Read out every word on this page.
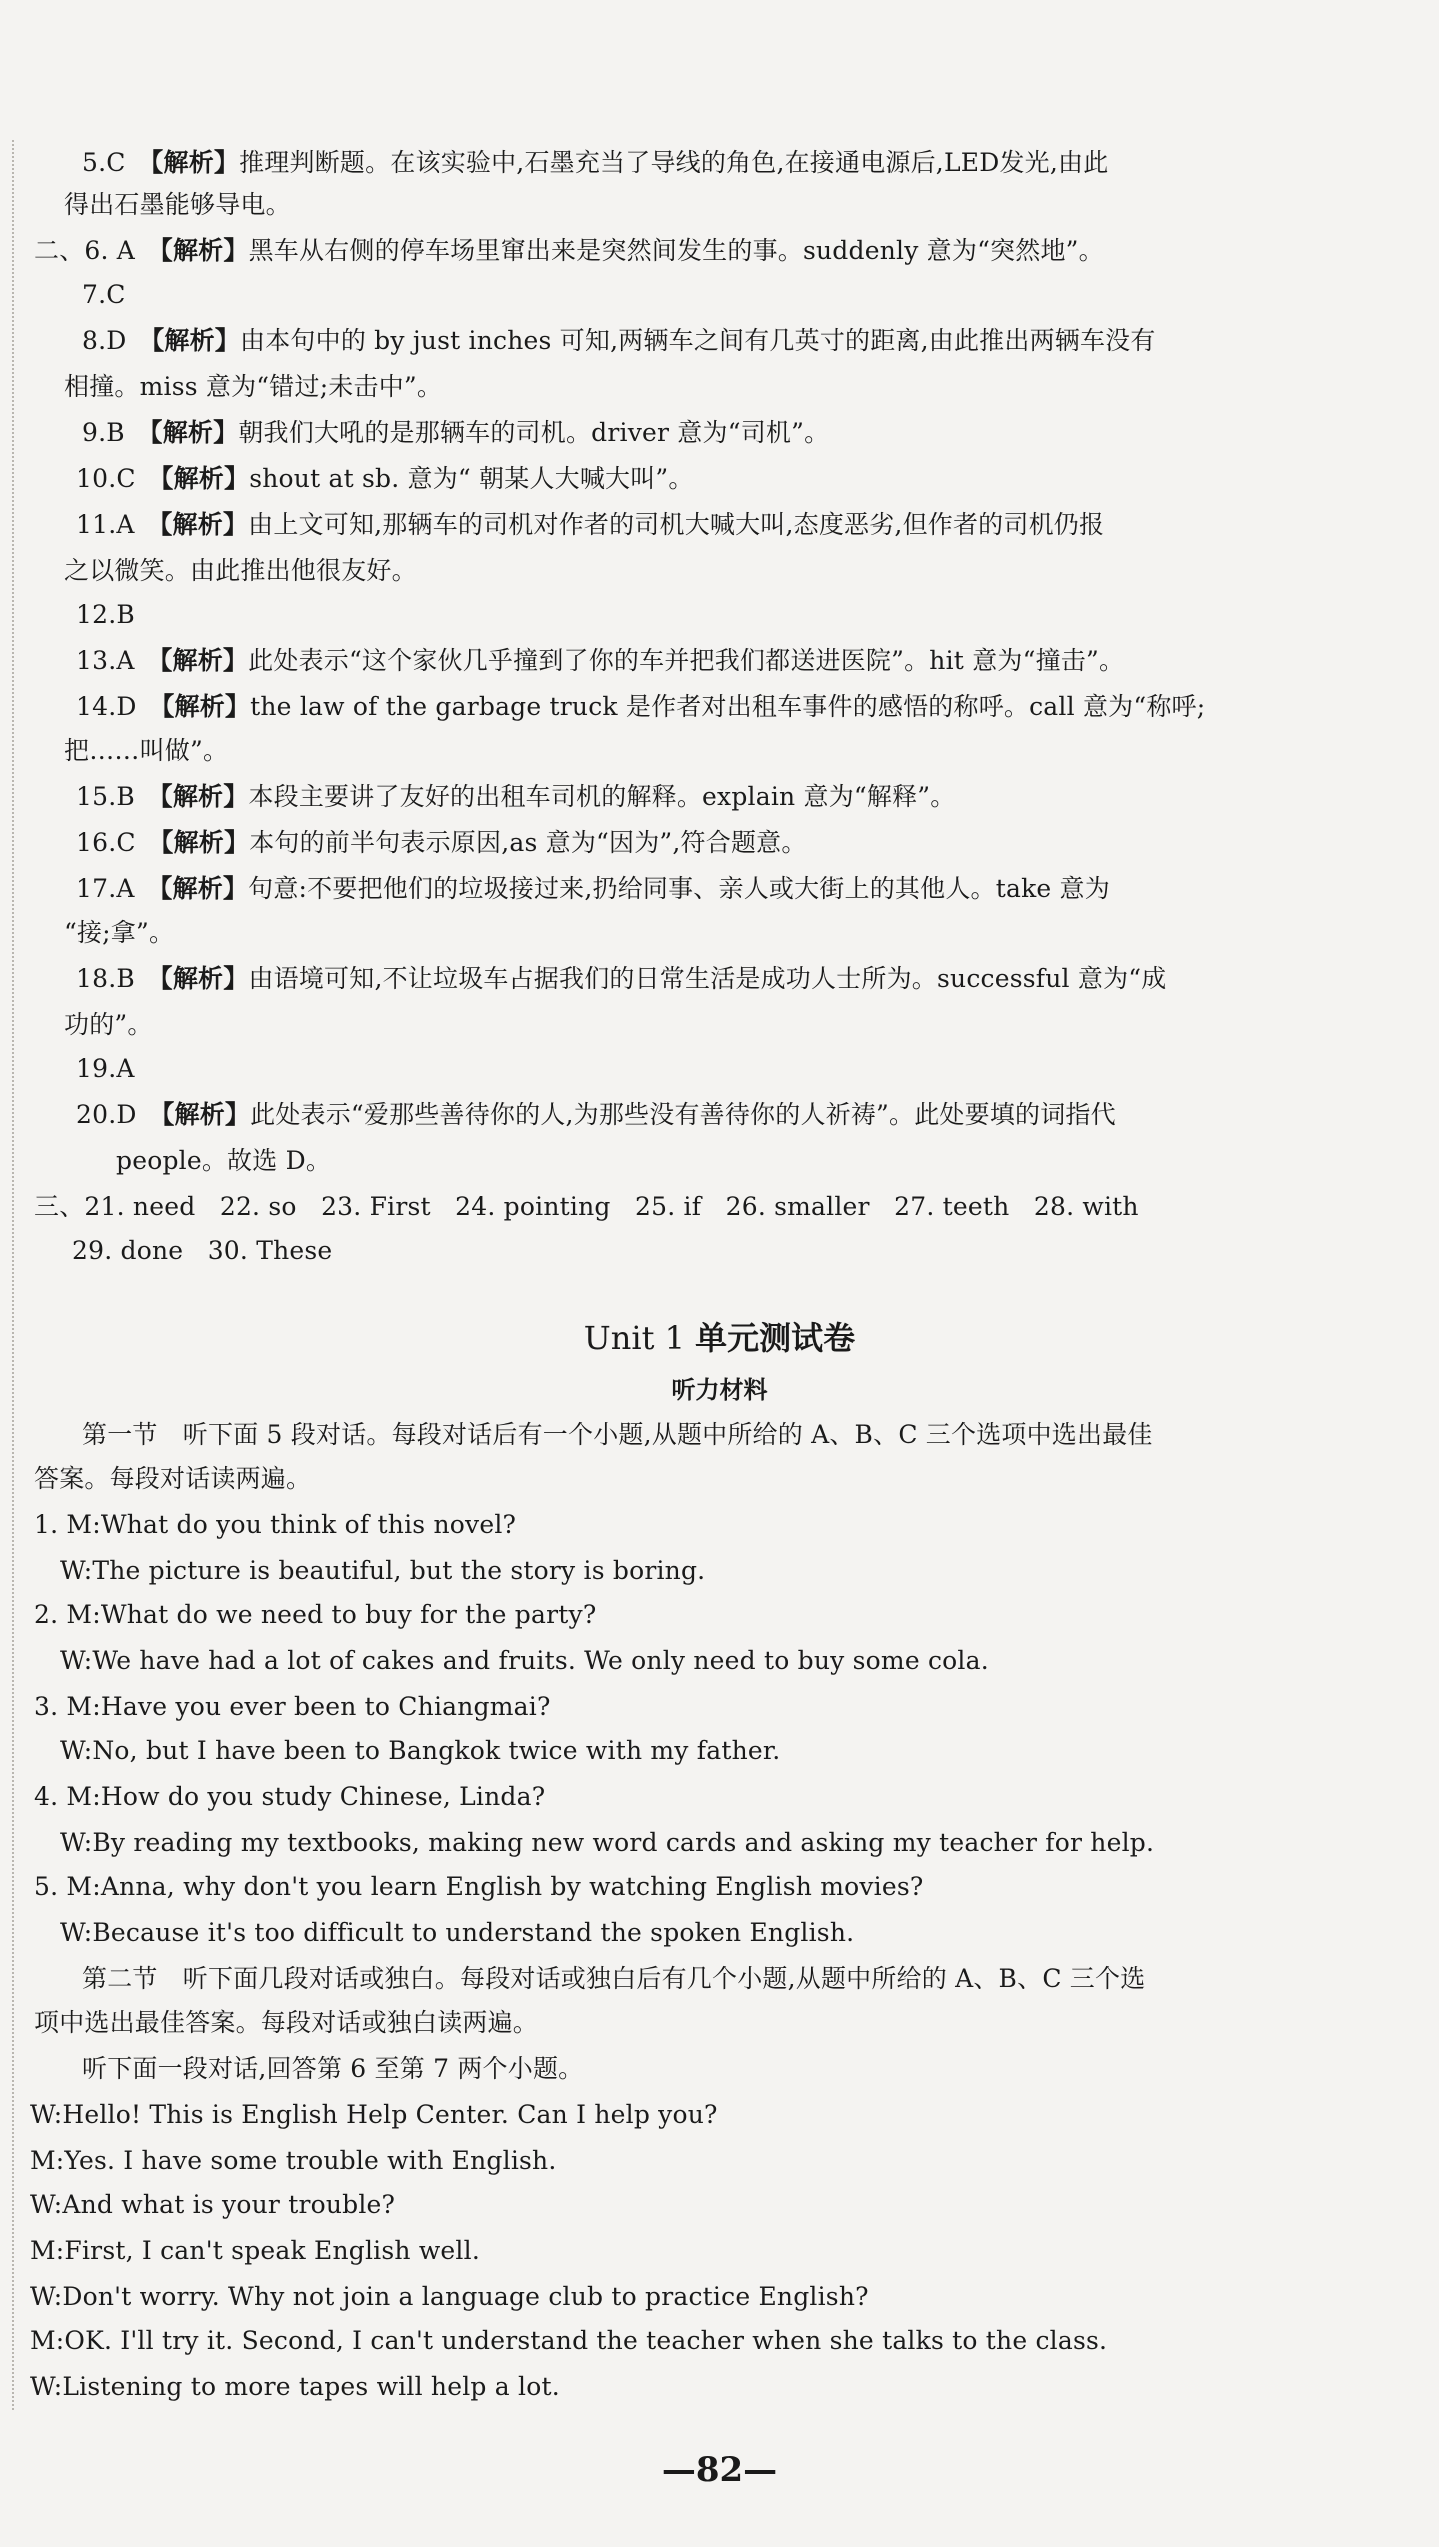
5.C　 【解析】推理判断题。在该实验中,石墨充当了导线的角色,在接通电源后,LED发光,由此
得出石墨能够导电。
二、6. A　 【解析】黑车从右侧的停车场里窜出来是突然间发生的事。suddenly 意为“突然地”。
7.C
8.D　 【解析】由本句中的 by just inches 可知,两辆车之间有几英寸的距离,由此推出两辆车没有
相撞。miss 意为“错过;未击中”。
9.B　 【解析】朝我们大吼的是那辆车的司机。driver 意为“司机”。
10.C　 【解析】shout at sb. 意为“ 朝某人大喊大叫”。
11.A　 【解析】由上文可知,那辆车的司机对作者的司机大喊大叫,态度恶劣,但作者的司机仍报
之以微笑。由此推出他很友好。
12.B
13.A　 【解析】此处表示“这个家伙几乎撞到了你的车并把我们都送进医院”。hit 意为“撞击”。
14.D　 【解析】the law of the garbage truck 是作者对出租车事件的感悟的称呼。call 意为“称呼;
把……叫做”。
15.B　 【解析】本段主要讲了友好的出租车司机的解释。explain 意为“解释”。
16.C　 【解析】本句的前半句表示原因,as 意为“因为”,符合题意。
17.A　 【解析】句意:不要把他们的垃圾接过来,扔给同事、亲人或大街上的其他人。take 意为
“接;拿”。
18.B　 【解析】由语境可知,不让垃圾车占据我们的日常生活是成功人士所为。successful 意为“成
功的”。
19.A
20.D　 【解析】此处表示“爱那些善待你的人,为那些没有善待你的人祈祷”。此处要填的词指代
people。故选 D。
三、21. need   22. so   23. First   24. pointing   25. if   26. smaller   27. teeth   28. with
29. done   30. These
Unit 1 单元测试卷
听力材料
第一节　听下面 5 段对话。每段对话后有一个小题,从题中所给的 A、B、C 三个选项中选出最佳
答案。每段对话读两遍。
1. M:What do you think of this novel?
W:The picture is beautiful, but the story is boring.
2. M:What do we need to buy for the party?
W:We have had a lot of cakes and fruits. We only need to buy some cola.
3. M:Have you ever been to Chiangmai?
W:No, but I have been to Bangkok twice with my father.
4. M:How do you study Chinese, Linda?
W:By reading my textbooks, making new word cards and asking my teacher for help.
5. M:Anna, why don't you learn English by watching English movies?
W:Because it's too difficult to understand the spoken English.
第二节　听下面几段对话或独白。每段对话或独白后有几个小题,从题中所给的 A、B、C 三个选
项中选出最佳答案。每段对话或独白读两遍。
听下面一段对话,回答第 6 至第 7 两个小题。
W:Hello! This is English Help Center. Can I help you?
M:Yes. I have some trouble with English.
W:And what is your trouble?
M:First, I can't speak English well.
W:Don't worry. Why not join a language club to practice English?
M:OK. I'll try it. Second, I can't understand the teacher when she talks to the class.
W:Listening to more tapes will help a lot.
—82—
